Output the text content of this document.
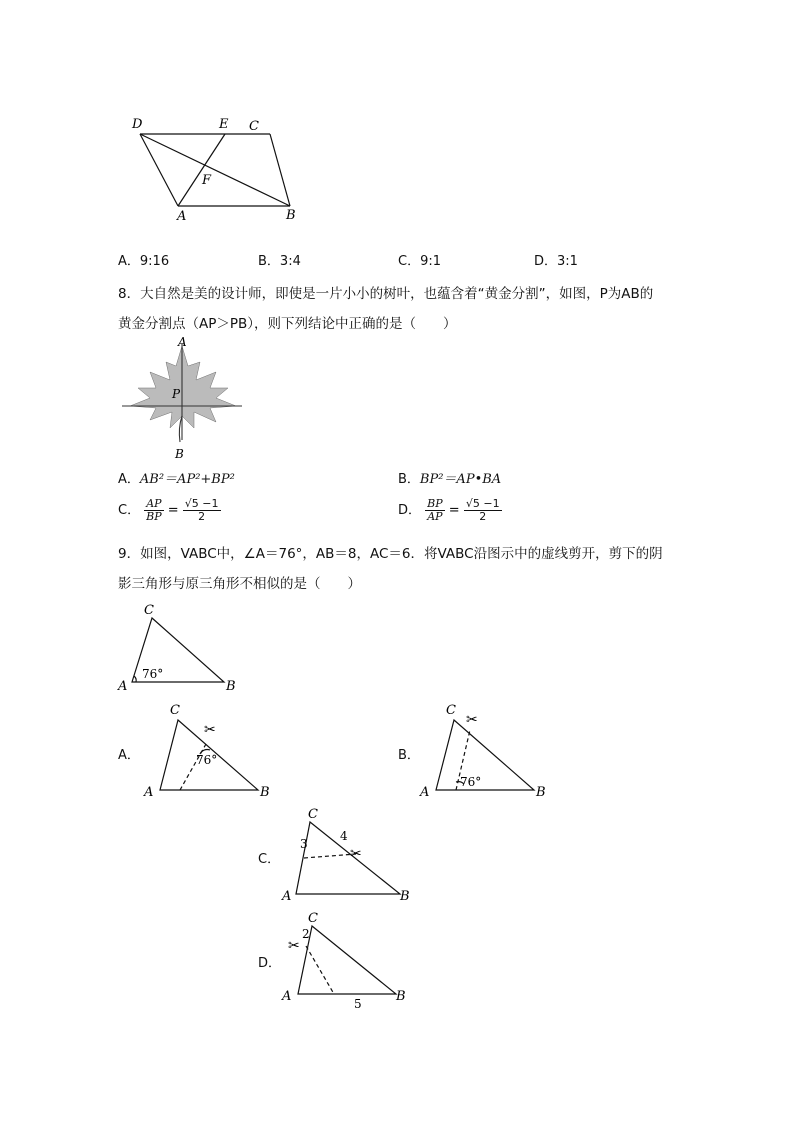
D	E C
F
A	B
A．9:16	B．3:4	C．9:1	D．3:1
8．大自然是美的设计师，即使是一片小小的树叶，也蕴含着“黄金分割”，如图，P为AB的
黄金分割点（AP＞PB），则下列结论中正确的是（　　）
A
P
B
A．AB²＝AP²+BP²	B．BP²＝AP•BA
C． $\frac{AP}{BP} = \frac{√5 -1}{2}$	D． $\frac{BP}{AP} = \frac{√5 -1}{2}$
9．如图，VABC中，∠A＝76°，AB＝8，AC＝6．将VABC沿图示中的虚线剪开，剪下的阴
影三角形与原三角形不相似的是（　　）
C
A	B
76°
A．
C
A	B
76°
✂
B．
C
A	B
76°
✂
C．
C
A	B
3
4
✂
D．
C
A	B
2
5
✂
